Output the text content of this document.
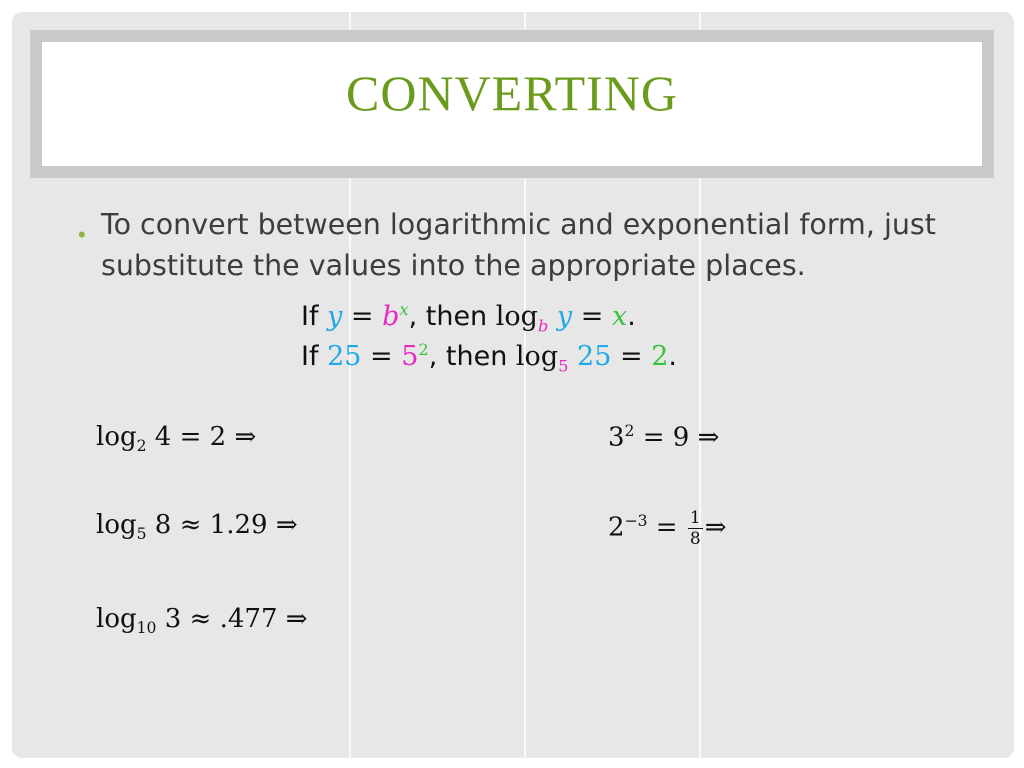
CONVERTING
• To convert between logarithmic and exponential form, just substitute the values into the appropriate places.
If $y = b^x$, then $\log_b y = x$.
If $25 = 5^2$, then $\log_5 25 = 2$.
$\log_2 4 = 2$ ⇒
$\log_5 8 \approx 1.29$ ⇒
$\log_{10} 3 \approx .477$ ⇒
$3^2 = 9$ ⇒
$2^{-3} = \frac{1}{8}$ ⇒
